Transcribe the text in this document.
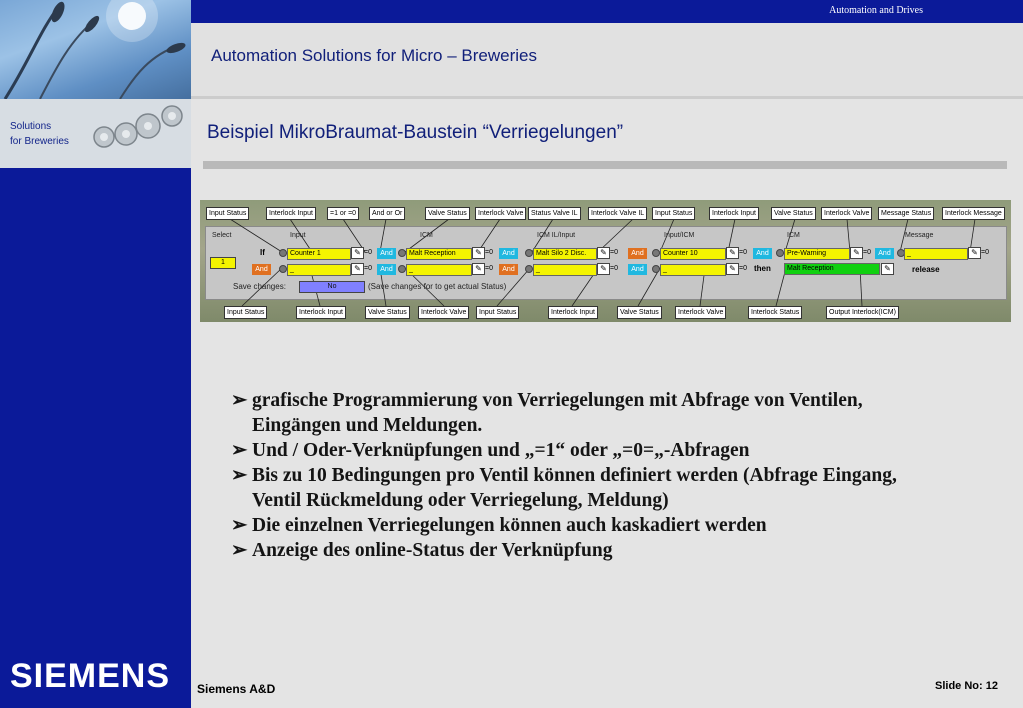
Solutions
for Breweries
SIEMENS
Automation and Drives
Automation Solutions for Micro – Breweries
Beispiel MikroBraumat-Baustein “Verriegelungen”
Input Status	Interlock Input	=1 or =0	And or Or	Valve Status	Interlock Valve	Status Valve IL	Interlock Valve IL	Input Status	Interlock Input	Valve Status	Interlock Valve	Message Status	Interlock Message
Select	Input	ICM	ICM IL/Input	Input/ICM	ICM	Message
1
If
And
Counter 1	✎ =0	And	Malt Reception	✎ =0	And	Malt Silo 2 Disc.	✎ =0	And	Counter 10	✎ =0	And	Pre-Warning	✎ =0	And	_	✎ =0
_	✎ =0	And	_	✎ =0	And	_	✎ =0	And	_	✎ =0 then	Malt Reception	✎	release
Save changes:	No	(Save changes for to get actual Status)
Input Status	Interlock Input	Valve Status	Interlock Valve	Input Status	Interlock Input	Valve Status	Interlock Valve	Interlock Status	Output Interlock(ICM)
➢ grafische Programmierung von Verriegelungen mit Abfrage von Ventilen, Eingängen und Meldungen.
➢ Und / Oder-Verknüpfungen und „=1“ oder „=0=„-Abfragen
➢ Bis zu 10 Bedingungen pro Ventil können definiert werden (Abfrage Eingang, Ventil Rückmeldung oder Verriegelung, Meldung)
➢ Die einzelnen Verriegelungen können auch kaskadiert werden
➢ Anzeige des online-Status der Verknüpfung
Siemens A&D	Slide No: 12
